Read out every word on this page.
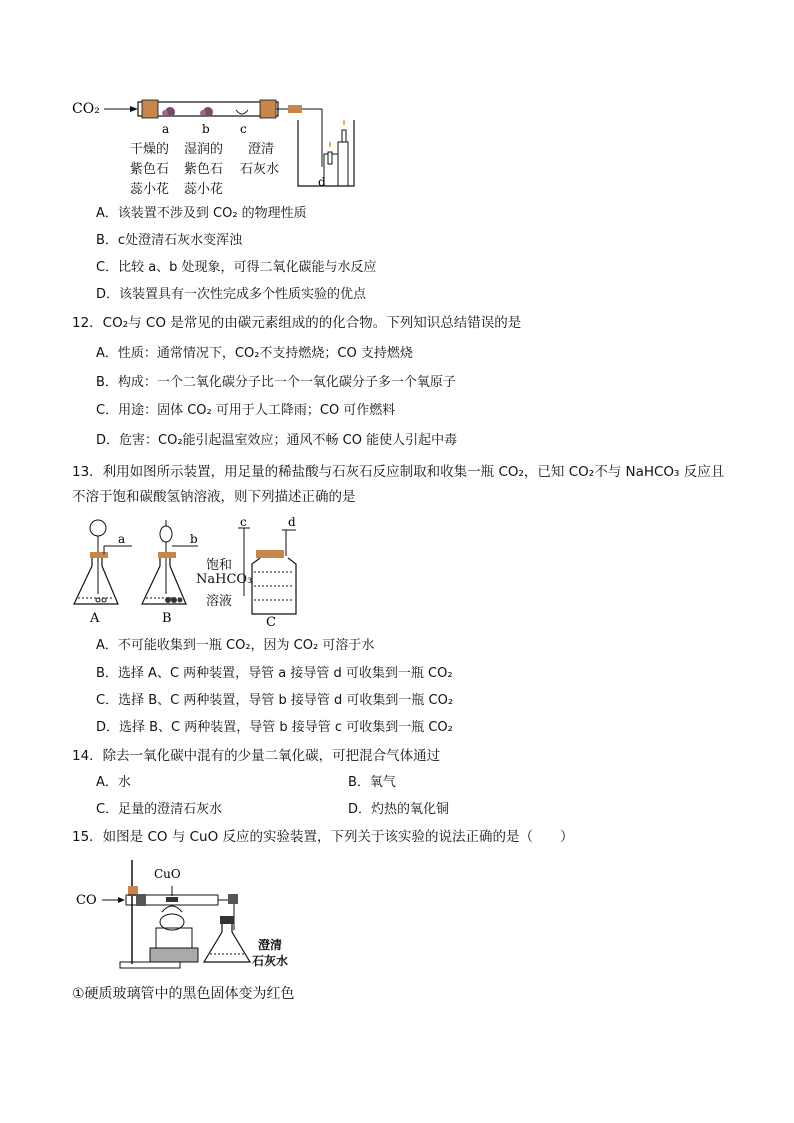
CO₂
a	b	c
d
干燥的
紫色石
蕊小花
湿润的
紫色石
蕊小花
澄清
石灰水
A．该装置不涉及到 CO₂ 的物理性质
B．c处澄清石灰水变浑浊
C．比较 a、b 处现象，可得二氧化碳能与水反应
D．该装置具有一次性完成多个性质实验的优点
12．CO₂与 CO 是常见的由碳元素组成的的化合物。下列知识总结错误的是
A．性质：通常情况下，CO₂不支持燃烧；CO 支持燃烧
B．构成：一个二氧化碳分子比一个一氧化碳分子多一个氧原子
C．用途：固体 CO₂ 可用于人工降雨；CO 可作燃料
D．危害：CO₂能引起温室效应；通风不畅 CO 能使人引起中毒
13．利用如图所示装置，用足量的稀盐酸与石灰石反应制取和收集一瓶 CO₂，已知 CO₂不与 NaHCO₃ 反应且
不溶于饱和碳酸氢钠溶液，则下列描述正确的是
a
A
b
B
c	d
C
饱和
NaHCO₃
溶液
A．不可能收集到一瓶 CO₂，因为 CO₂ 可溶于水
B．选择 A、C 两种装置，导管 a 接导管 d 可收集到一瓶 CO₂
C．选择 B、C 两种装置，导管 b 接导管 d 可收集到一瓶 CO₂
D．选择 B、C 两种装置，导管 b 接导管 c 可收集到一瓶 CO₂
14．除去一氧化碳中混有的少量二氧化碳，可把混合气体通过
A．水	B．氧气
C．足量的澄清石灰水	D．灼热的氧化铜
15．如图是 CO 与 CuO 反应的实验装置，下列关于该实验的说法正确的是（　　）
CO
CuO
澄清
石灰水
①硬质玻璃管中的黑色固体变为红色
